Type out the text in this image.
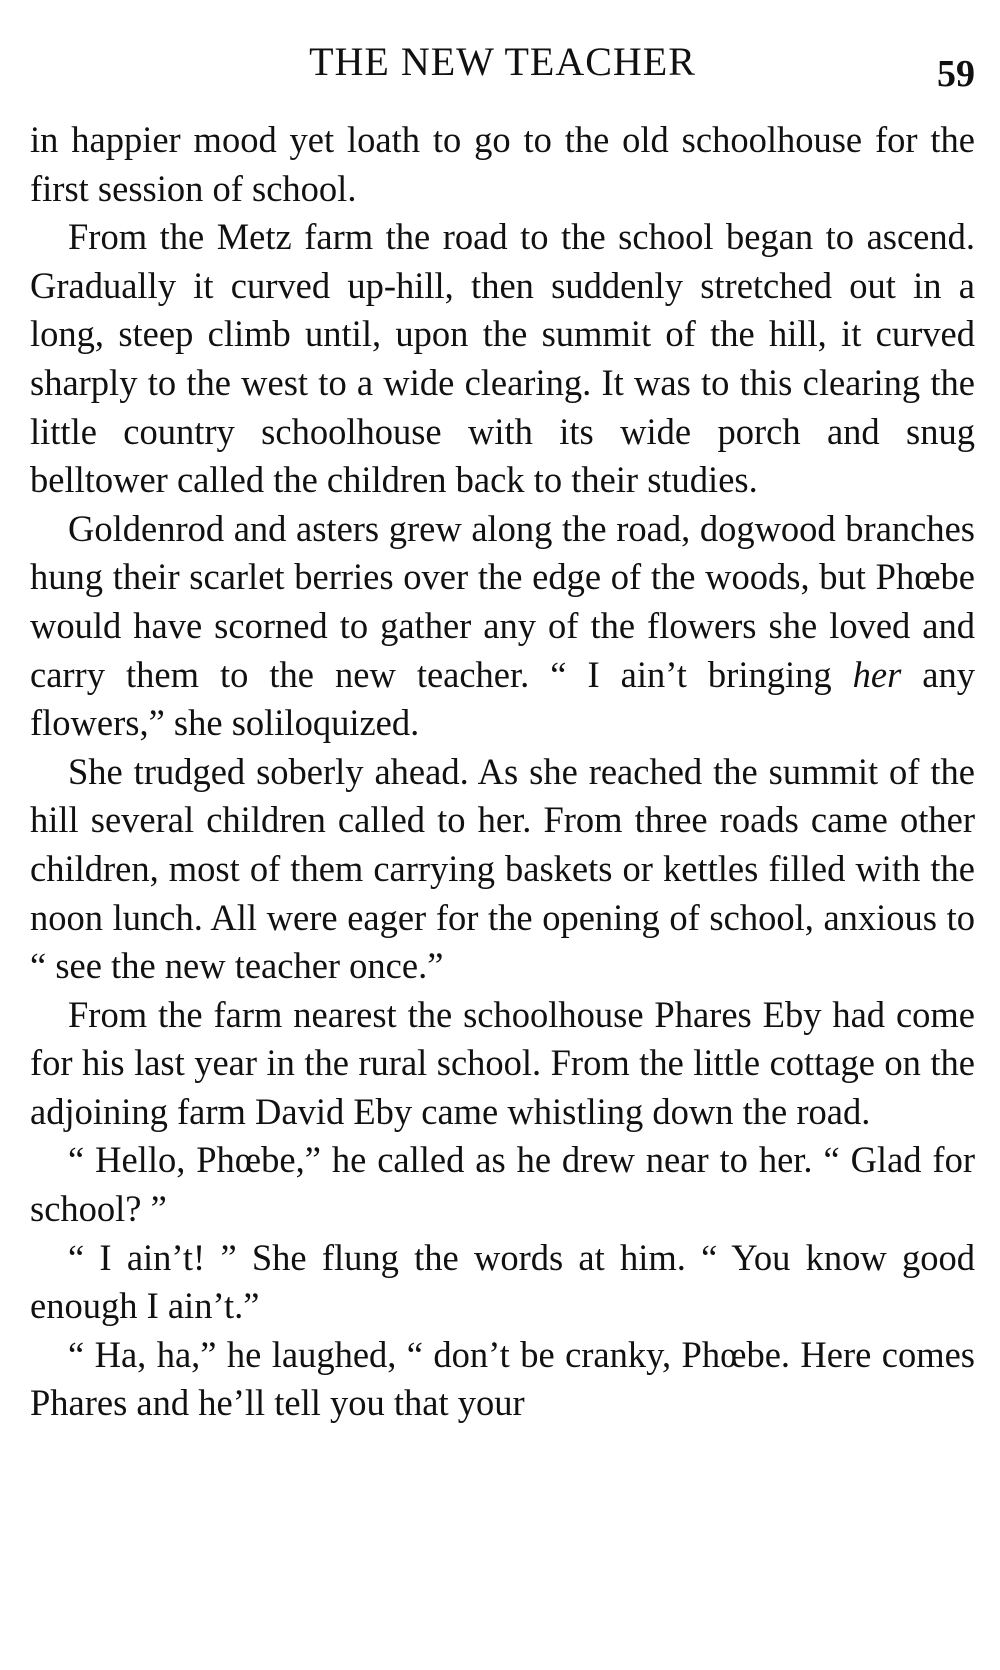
THE NEW TEACHER	59

in happier mood yet loath to go to the old schoolhouse for the first session of school.

From the Metz farm the road to the school began to ascend. Gradually it curved up-hill, then suddenly stretched out in a long, steep climb until, upon the summit of the hill, it curved sharply to the west to a wide clearing. It was to this clearing the little country schoolhouse with its wide porch and snug belltower called the children back to their studies.

Goldenrod and asters grew along the road, dogwood branches hung their scarlet berries over the edge of the woods, but Phœbe would have scorned to gather any of the flowers she loved and carry them to the new teacher. “ I ain’t bringing her any flowers,” she soliloquized.

She trudged soberly ahead. As she reached the summit of the hill several children called to her. From three roads came other children, most of them carrying baskets or kettles filled with the noon lunch. All were eager for the opening of school, anxious to “ see the new teacher once.”

From the farm nearest the schoolhouse Phares Eby had come for his last year in the rural school. From the little cottage on the adjoining farm David Eby came whistling down the road.

“ Hello, Phœbe,” he called as he drew near to her. “ Glad for school? ”

“ I ain’t! ” She flung the words at him. “ You know good enough I ain’t.”

“ Ha, ha,” he laughed, “ don’t be cranky, Phœbe. Here comes Phares and he’ll tell you that your
